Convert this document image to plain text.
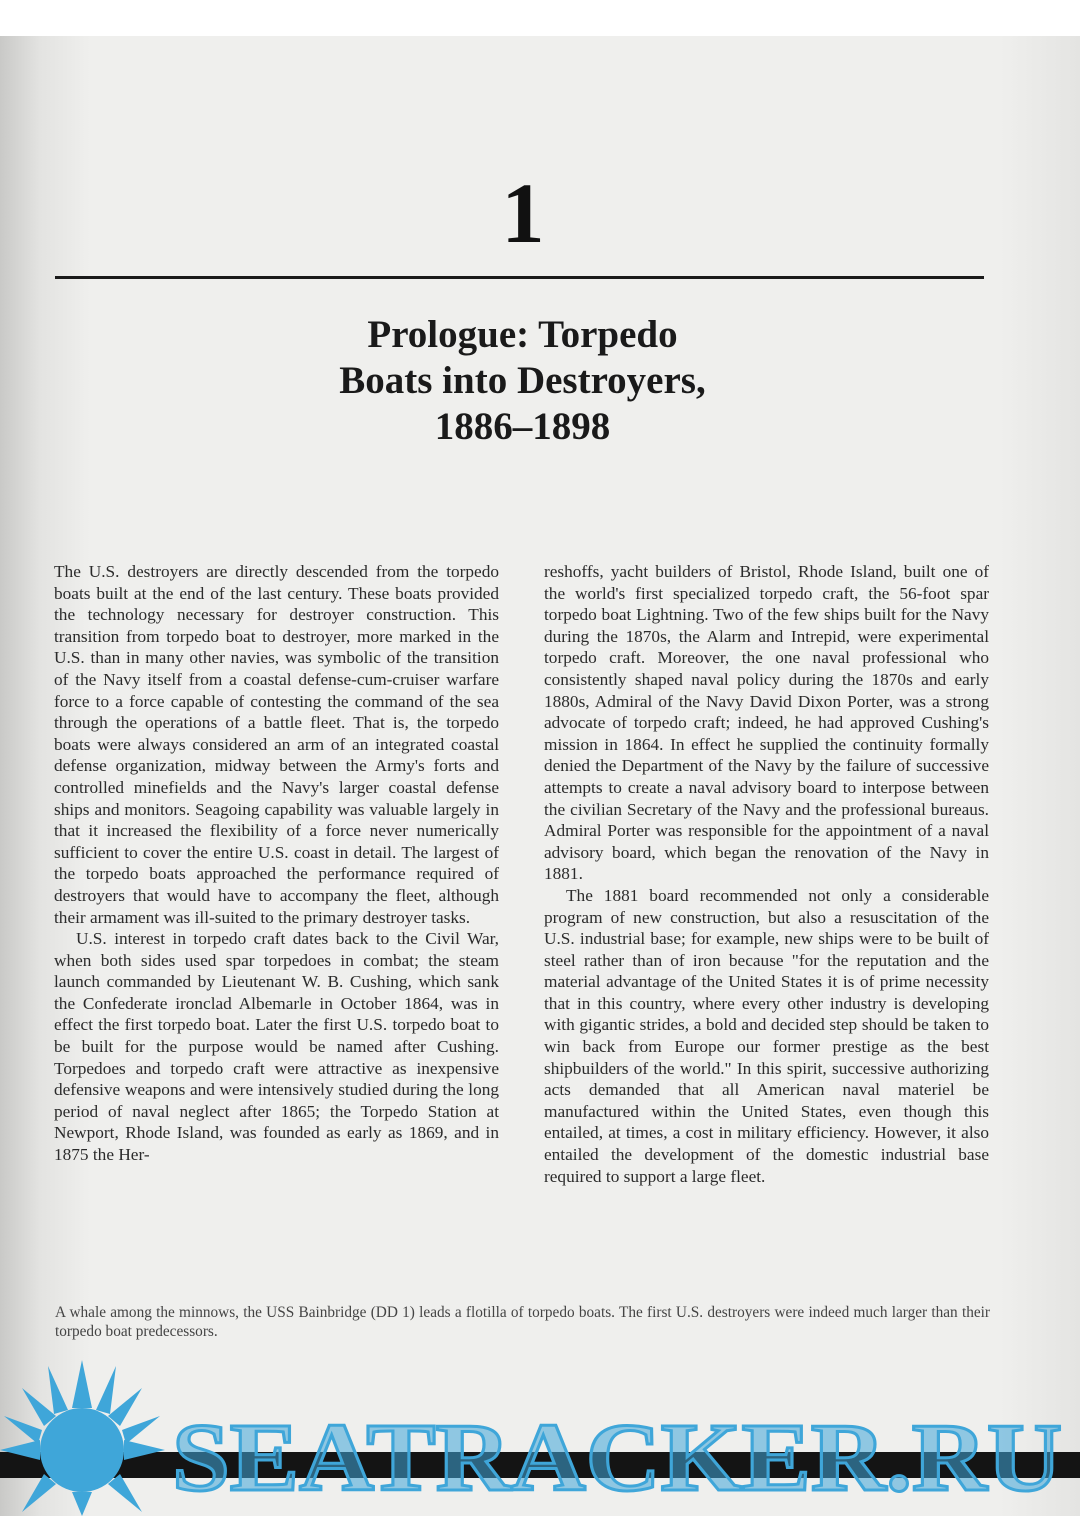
1
Prologue: Torpedo
Boats into Destroyers,
1886–1898

The U.S. destroyers are directly descended from the torpedo boats built at the end of the last century. These boats provided the technology necessary for destroyer construction. This transition from torpedo boat to destroyer, more marked in the U.S. than in many other navies, was symbolic of the transition of the Navy itself from a coastal defense-cum-cruiser warfare force to a force capable of contesting the command of the sea through the operations of a battle fleet. That is, the torpedo boats were always considered an arm of an integrated coastal defense organization, midway between the Army's forts and controlled minefields and the Navy's larger coastal defense ships and monitors. Seagoing capability was valuable largely in that it increased the flexibility of a force never numerically sufficient to cover the entire U.S. coast in detail. The largest of the torpedo boats approached the performance required of destroyers that would have to accompany the fleet, although their armament was ill-suited to the primary destroyer tasks.

U.S. interest in torpedo craft dates back to the Civil War, when both sides used spar torpedoes in combat; the steam launch commanded by Lieutenant W. B. Cushing, which sank the Confederate ironclad Albemarle in October 1864, was in effect the first torpedo boat. Later the first U.S. torpedo boat to be built for the purpose would be named after Cushing. Torpedoes and torpedo craft were attractive as inexpensive defensive weapons and were intensively studied during the long period of naval neglect after 1865; the Torpedo Station at Newport, Rhode Island, was founded as early as 1869, and in 1875 the Her-

reshoffs, yacht builders of Bristol, Rhode Island, built one of the world's first specialized torpedo craft, the 56-foot spar torpedo boat Lightning. Two of the few ships built for the Navy during the 1870s, the Alarm and Intrepid, were experimental torpedo craft. Moreover, the one naval professional who consistently shaped naval policy during the 1870s and early 1880s, Admiral of the Navy David Dixon Porter, was a strong advocate of torpedo craft; indeed, he had approved Cushing's mission in 1864. In effect he supplied the continuity formally denied the Department of the Navy by the failure of successive attempts to create a naval advisory board to interpose between the civilian Secretary of the Navy and the professional bureaus. Admiral Porter was responsible for the appointment of a naval advisory board, which began the renovation of the Navy in 1881.

The 1881 board recommended not only a considerable program of new construction, but also a resuscitation of the U.S. industrial base; for example, new ships were to be built of steel rather than of iron because "for the reputation and the material advantage of the United States it is of prime necessity that in this country, where every other industry is developing with gigantic strides, a bold and decided step should be taken to win back from Europe our former prestige as the best shipbuilders of the world." In this spirit, successive authorizing acts demanded that all American naval materiel be manufactured within the United States, even though this entailed, at times, a cost in military efficiency. However, it also entailed the development of the domestic industrial base required to support a large fleet.

A whale among the minnows, the USS Bainbridge (DD 1) leads a flotilla of torpedo boats. The first U.S. destroyers were indeed much larger than their torpedo boat predecessors.
SEATRACKER.RU
